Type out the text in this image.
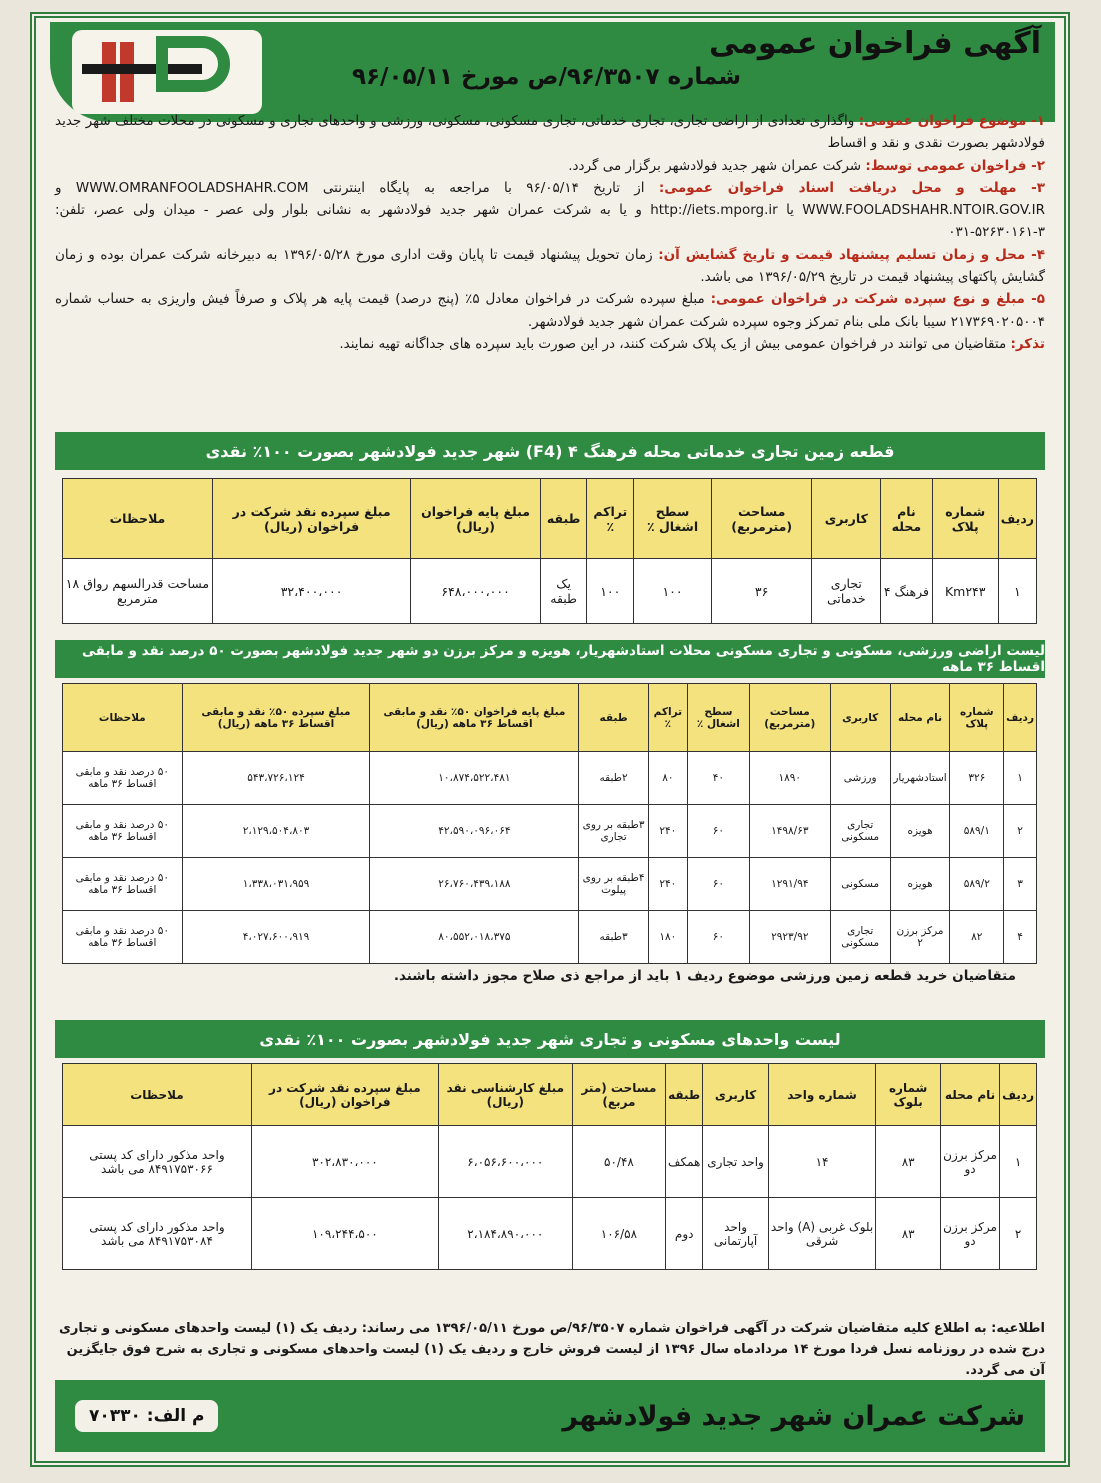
آگهی فراخوان عمومی
شماره ۹۶/۳۵۰۷/ص مورخ ۹۶/۰۵/۱۱

۱- موضوع فراخوان عمومی: واگذاری تعدادی از اراضی تجاری، تجاری خدماتی، تجاری مسکونی، مسکونی، ورزشی و واحدهای تجاری و مسکونی در محلات مختلف شهر جدید فولادشهر بصورت نقدی و نقد و اقساط

۲- فراخوان عمومی توسط: شرکت عمران شهر جدید فولادشهر برگزار می گردد.

۳- مهلت و محل دریافت اسناد فراخوان عمومی: از تاریخ ۹۶/۰۵/۱۴ با مراجعه به پایگاه اینترنتی WWW.OMRANFOOLADSHAHR.COM و WWW.FOOLADSHAHR.NTOIR.GOV.IR یا http://iets.mporg.ir و یا به شرکت عمران شهر جدید فولادشهر به نشانی بلوار ولی عصر - میدان ولی عصر، تلفن: ۳-۵۲۶۳۰۱۶۱-۰۳۱

۴- محل و زمان تسلیم پیشنهاد قیمت و تاریخ گشایش آن: زمان تحویل پیشنهاد قیمت تا پایان وقت اداری مورخ ۱۳۹۶/۰۵/۲۸ به دبیرخانه شرکت عمران بوده و زمان گشایش پاکتهای پیشنهاد قیمت در تاریخ ۱۳۹۶/۰۵/۲۹ می باشد.

۵- مبلغ و نوع سپرده شرکت در فراخوان عمومی: مبلغ سپرده شرکت در فراخوان معادل ۵٪ (پنج درصد) قیمت پایه هر پلاک و صرفاً فیش واریزی به حساب شماره ۲۱۷۳۶۹۰۲۰۵۰۰۴ سیبا بانک ملی بنام تمرکز وجوه سپرده شرکت عمران شهر جدید فولادشهر.

تذکر: متقاضیان می توانند در فراخوان عمومی بیش از یک پلاک شرکت کنند، در این صورت باید سپرده های جداگانه تهیه نمایند.

قطعه زمین تجاری خدماتی محله فرهنگ ۴ (F4) شهر جدید فولادشهر بصورت ۱۰۰٪ نقدی
ردیف	شماره پلاک	نام محله	کاربری	مساحت (مترمربع)	سطح اشغال ٪	تراکم ٪	طبقه	مبلغ پایه فراخوان (ریال)	مبلغ سپرده نقد شرکت در فراخوان (ریال)	ملاحظات
۱	Km۲۴۳	فرهنگ ۴	تجاری خدماتی	۳۶	۱۰۰	۱۰۰	یک طبقه	۶۴۸،۰۰۰،۰۰۰	۳۲،۴۰۰،۰۰۰	مساحت قدرالسهم رواق ۱۸ مترمربع
لیست اراضی ورزشی، مسکونی و تجاری مسکونی محلات استادشهریار، هویزه و مرکز برزن دو شهر جدید فولادشهر بصورت ۵۰ درصد نقد و مابقی اقساط ۳۶ ماهه
ردیف	شماره پلاک	نام محله	کاربری	مساحت (مترمربع)	سطح اشغال ٪	تراکم ٪	طبقه	مبلغ پایه فراخوان ۵۰٪ نقد و مابقی اقساط ۳۶ ماهه (ریال)	مبلغ سپرده ۵۰٪ نقد و مابقی اقساط ۳۶ ماهه (ریال)	ملاحظات
۱	۳۲۶	استادشهریار	ورزشی	۱۸۹۰	۴۰	۸۰	۲طبقه	۱۰،۸۷۴،۵۲۲،۴۸۱	۵۴۳،۷۲۶،۱۲۴	۵۰ درصد نقد و مابقی اقساط ۳۶ ماهه
۲	۵۸۹/۱	هویزه	تجاری مسکونی	۱۴۹۸/۶۳	۶۰	۲۴۰	۳طبقه بر روی تجاری	۴۲،۵۹۰،۰۹۶،۰۶۴	۲،۱۲۹،۵۰۴،۸۰۳	۵۰ درصد نقد و مابقی اقساط ۳۶ ماهه
۳	۵۸۹/۲	هویزه	مسکونی	۱۲۹۱/۹۴	۶۰	۲۴۰	۴طبقه بر روی پیلوت	۲۶،۷۶۰،۴۳۹،۱۸۸	۱،۳۳۸،۰۳۱،۹۵۹	۵۰ درصد نقد و مابقی اقساط ۳۶ ماهه
۴	۸۲	مرکز برزن ۲	تجاری مسکونی	۲۹۲۳/۹۲	۶۰	۱۸۰	۳طبقه	۸۰،۵۵۲،۰۱۸،۳۷۵	۴،۰۲۷،۶۰۰،۹۱۹	۵۰ درصد نقد و مابقی اقساط ۳۶ ماهه
متقاضیان خرید قطعه زمین ورزشی موضوع ردیف ۱ باید از مراجع ذی صلاح مجوز داشته باشند.
لیست واحدهای مسکونی و تجاری شهر جدید فولادشهر بصورت ۱۰۰٪ نقدی
ردیف	نام محله	شماره بلوک	شماره واحد	کاربری	طبقه	مساحت (متر مربع)	مبلغ کارشناسی نقد (ریال)	مبلغ سپرده نقد شرکت در فراخوان (ریال)	ملاحظات
۱	مرکز برزن دو	۸۳	۱۴	واحد تجاری	همکف	۵۰/۴۸	۶،۰۵۶،۶۰۰،۰۰۰	۳۰۲،۸۳۰،۰۰۰	واحد مذکور دارای کد پستی ۸۴۹۱۷۵۳۰۶۶ می باشد
۲	مرکز برزن دو	۸۳	بلوک غربی (A) واحد شرقی	واحد آپارتمانی	دوم	۱۰۶/۵۸	۲،۱۸۴،۸۹۰،۰۰۰	۱۰۹،۲۴۴،۵۰۰	واحد مذکور دارای کد پستی ۸۴۹۱۷۵۳۰۸۴ می باشد
اطلاعیه: به اطلاع کلیه متقاضیان شرکت در آگهی فراخوان شماره ۹۶/۳۵۰۷/ص مورخ ۱۳۹۶/۰۵/۱۱ می رساند: ردیف یک (۱) لیست واحدهای مسکونی و تجاری درج شده در روزنامه نسل فردا مورخ ۱۴ مردادماه سال ۱۳۹۶ از لیست فروش خارج و ردیف یک (۱) لیست واحدهای مسکونی و تجاری به شرح فوق جایگزین آن می گردد.
شرکت عمران شهر جدید فولادشهر
م الف: ۷۰۳۳۰
